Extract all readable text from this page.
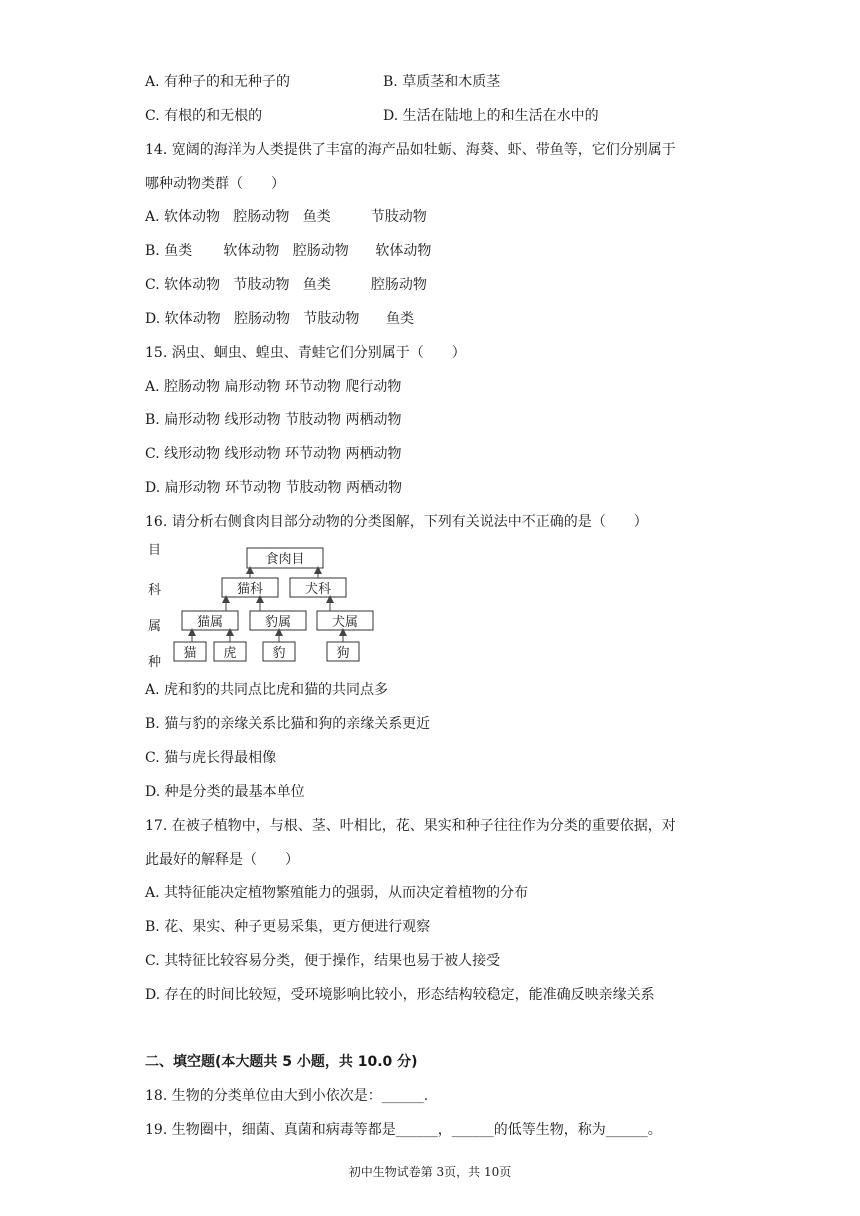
A. 有种子的和无种子的	B. 草质茎和木质茎
C. 有根的和无根的	D. 生活在陆地上的和生活在水中的
14. 宽阔的海洋为人类提供了丰富的海产品如牡蛎、海葵、虾、带鱼等，它们分别属于
哪种动物类群（　　）
A. 软体动物   腔肠动物   鱼类         节肢动物
B. 鱼类       软体动物   腔肠动物      软体动物
C. 软体动物   节肢动物   鱼类         腔肠动物
D. 软体动物   腔肠动物   节肢动物      鱼类
15. 涡虫、蛔虫、蝗虫、青蛙它们分别属于（　　）
A. 腔肠动物 扁形动物 环节动物 爬行动物
B. 扁形动物 线形动物 节肢动物 两栖动物
C. 线形动物 线形动物 环节动物 两栖动物
D. 扁形动物 环节动物 节肢动物 两栖动物
16. 请分析右侧食肉目部分动物的分类图解，下列有关说法中不正确的是（　　）
目
科
属
种
食肉目
猫科	犬科
猫属	豹属	犬属
猫 虎	豹	狗
A. 虎和豹的共同点比虎和猫的共同点多
B. 猫与豹的亲缘关系比猫和狗的亲缘关系更近
C. 猫与虎长得最相像
D. 种是分类的最基本单位
17. 在被子植物中，与根、茎、叶相比，花、果实和种子往往作为分类的重要依据，对
此最好的解释是（　　）
A. 其特征能决定植物繁殖能力的强弱，从而决定着植物的分布
B. 花、果实、种子更易采集，更方便进行观察
C. 其特征比较容易分类，便于操作，结果也易于被人接受
D. 存在的时间比较短，受环境影响比较小，形态结构较稳定，能准确反映亲缘关系
二、填空题(本大题共 5 小题，共 10.0 分)
18. 生物的分类单位由大到小依次是：______.
19. 生物圈中，细菌、真菌和病毒等都是______，______的低等生物，称为______。
初中生物试卷第 3页，共 10页
